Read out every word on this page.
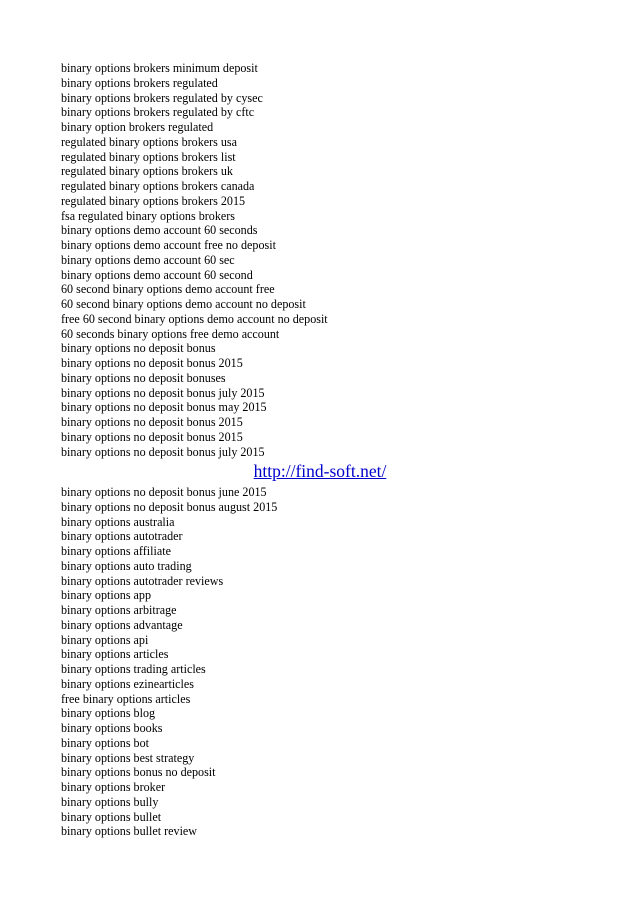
binary options brokers minimum deposit
binary options brokers regulated
binary options brokers regulated by cysec
binary options brokers regulated by cftc
binary option brokers regulated
regulated binary options brokers usa
regulated binary options brokers list
regulated binary options brokers uk
regulated binary options brokers canada
regulated binary options brokers 2015
fsa regulated binary options brokers
binary options demo account 60 seconds
binary options demo account free no deposit
binary options demo account 60 sec
binary options demo account 60 second
60 second binary options demo account free
60 second binary options demo account no deposit
free 60 second binary options demo account no deposit
60 seconds binary options free demo account
binary options no deposit bonus
binary options no deposit bonus 2015
binary options no deposit bonuses
binary options no deposit bonus july 2015
binary options no deposit bonus may 2015
binary options no deposit bonus 2015
binary options no deposit bonus 2015
binary options no deposit bonus july 2015
http://find-soft.net/
binary options no deposit bonus june 2015
binary options no deposit bonus august 2015
binary options australia
binary options autotrader
binary options affiliate
binary options auto trading
binary options autotrader reviews
binary options app
binary options arbitrage
binary options advantage
binary options api
binary options articles
binary options trading articles
binary options ezinearticles
free binary options articles
binary options blog
binary options books
binary options bot
binary options best strategy
binary options bonus no deposit
binary options broker
binary options bully
binary options bullet
binary options bullet review
